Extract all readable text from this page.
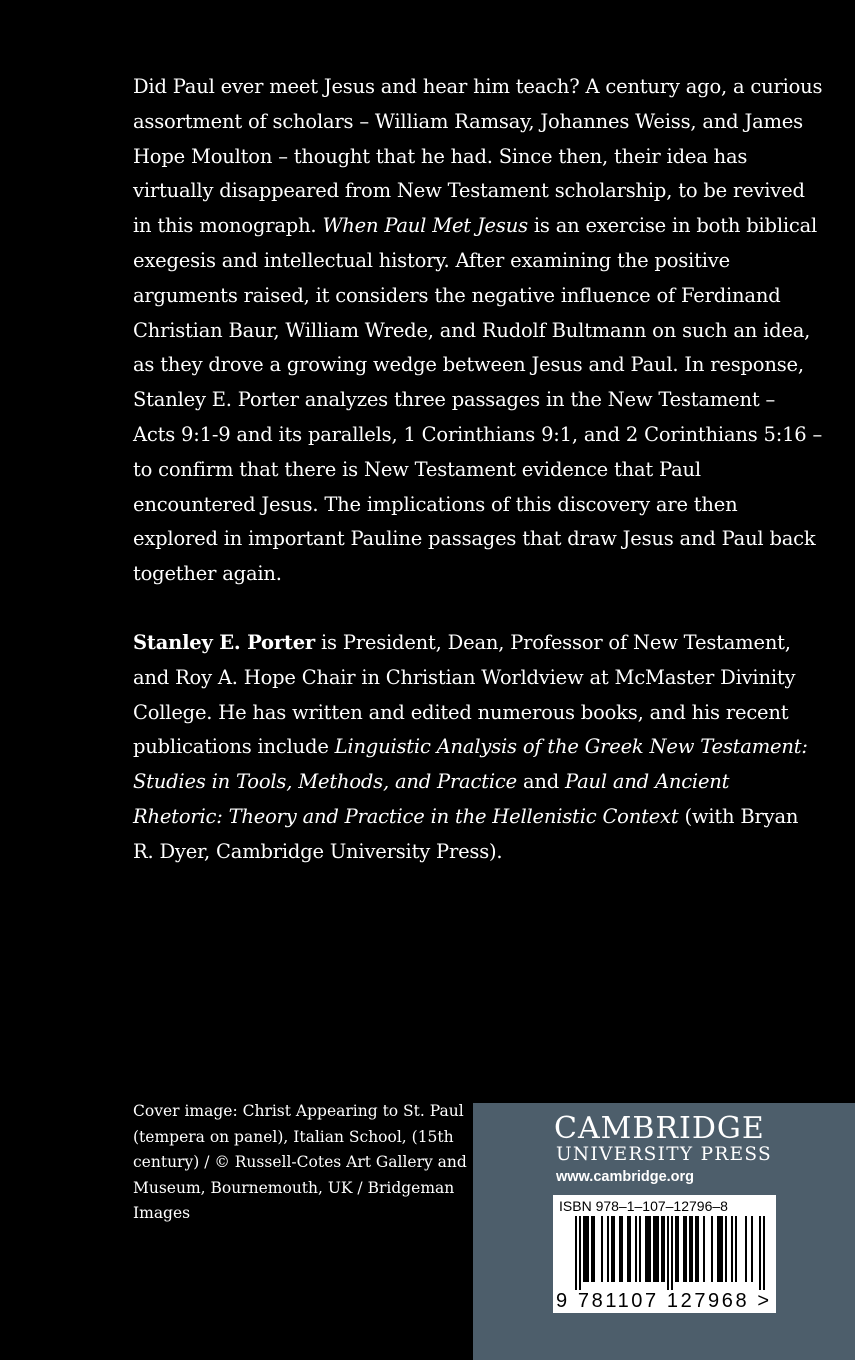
Did Paul ever meet Jesus and hear him teach? A century ago, a curious assortment of scholars – William Ramsay, Johannes Weiss, and James Hope Moulton – thought that he had. Since then, their idea has virtually disappeared from New Testament scholarship, to be revived in this monograph. When Paul Met Jesus is an exercise in both biblical exegesis and intellectual history. After examining the positive arguments raised, it considers the negative influence of Ferdinand Christian Baur, William Wrede, and Rudolf Bultmann on such an idea, as they drove a growing wedge between Jesus and Paul. In response, Stanley E. Porter analyzes three passages in the New Testament – Acts 9:1-9 and its parallels, 1 Corinthians 9:1, and 2 Corinthians 5:16 – to confirm that there is New Testament evidence that Paul encountered Jesus. The implications of this discovery are then explored in important Pauline passages that draw Jesus and Paul back together again.

Stanley E. Porter is President, Dean, Professor of New Testament, and Roy A. Hope Chair in Christian Worldview at McMaster Divinity College. He has written and edited numerous books, and his recent publications include Linguistic Analysis of the Greek New Testament: Studies in Tools, Methods, and Practice and Paul and Ancient Rhetoric: Theory and Practice in the Hellenistic Context (with Bryan R. Dyer, Cambridge University Press).

Cover image: Christ Appearing to St. Paul (tempera on panel), Italian School, (15th century) / © Russell-Cotes Art Gallery and Museum, Bournemouth, UK / Bridgeman Images
CAMBRIDGE
UNIVERSITY PRESS
www.cambridge.org
ISBN 978–1–107–12796–8
9 781107 127968 >
